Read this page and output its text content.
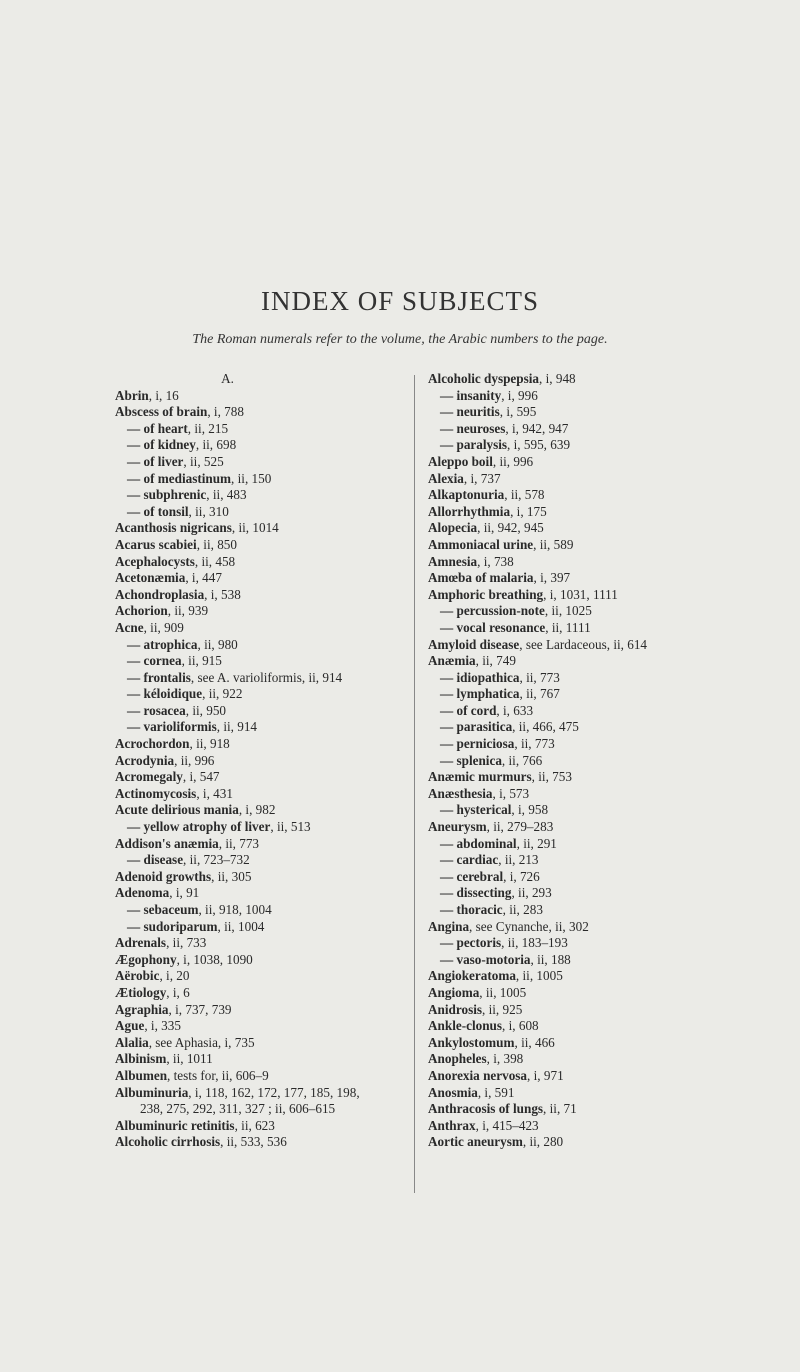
INDEX OF SUBJECTS
The Roman numerals refer to the volume, the Arabic numbers to the page.
A.
Abrin, i, 16
Abscess of brain, i, 788
— of heart, ii, 215
— of kidney, ii, 698
— of liver, ii, 525
— of mediastinum, ii, 150
— subphrenic, ii, 483
— of tonsil, ii, 310
Acanthosis nigricans, ii, 1014
Acarus scabiei, ii, 850
Acephalocysts, ii, 458
Acetonæmia, i, 447
Achondroplasia, i, 538
Achorion, ii, 939
Acne, ii, 909
— atrophica, ii, 980
— cornea, ii, 915
— frontalis, see A. varioliformis, ii, 914
— kéloidique, ii, 922
— rosacea, ii, 950
— varioliformis, ii, 914
Acrochordon, ii, 918
Acrodynia, ii, 996
Acromegaly, i, 547
Actinomycosis, i, 431
Acute delirious mania, i, 982
— yellow atrophy of liver, ii, 513
Addison's anæmia, ii, 773
— disease, ii, 723–732
Adenoid growths, ii, 305
Adenoma, i, 91
— sebaceum, ii, 918, 1004
— sudoriparum, ii, 1004
Adrenals, ii, 733
Ægophony, i, 1038, 1090
Aërobic, i, 20
Ætiology, i, 6
Agraphia, i, 737, 739
Ague, i, 335
Alalia, see Aphasia, i, 735
Albinism, ii, 1011
Albumen, tests for, ii, 606–9
Albuminuria, i, 118, 162, 172, 177, 185, 198,
238, 275, 292, 311, 327 ; ii, 606–615
Albuminuric retinitis, ii, 623
Alcoholic cirrhosis, ii, 533, 536
Alcoholic dyspepsia, i, 948
— insanity, i, 996
— neuritis, i, 595
— neuroses, i, 942, 947
— paralysis, i, 595, 639
Aleppo boil, ii, 996
Alexia, i, 737
Alkaptonuria, ii, 578
Allorrhythmia, i, 175
Alopecia, ii, 942, 945
Ammoniacal urine, ii, 589
Amnesia, i, 738
Amœba of malaria, i, 397
Amphoric breathing, i, 1031, 1111
— percussion-note, ii, 1025
— vocal resonance, ii, 1111
Amyloid disease, see Lardaceous, ii, 614
Anæmia, ii, 749
— idiopathica, ii, 773
— lymphatica, ii, 767
— of cord, i, 633
— parasitica, ii, 466, 475
— perniciosa, ii, 773
— splenica, ii, 766
Anæmic murmurs, ii, 753
Anæsthesia, i, 573
— hysterical, i, 958
Aneurysm, ii, 279–283
— abdominal, ii, 291
— cardiac, ii, 213
— cerebral, i, 726
— dissecting, ii, 293
— thoracic, ii, 283
Angina, see Cynanche, ii, 302
— pectoris, ii, 183–193
— vaso-motoria, ii, 188
Angiokeratoma, ii, 1005
Angioma, ii, 1005
Anidrosis, ii, 925
Ankle-clonus, i, 608
Ankylostomum, ii, 466
Anopheles, i, 398
Anorexia nervosa, i, 971
Anosmia, i, 591
Anthracosis of lungs, ii, 71
Anthrax, i, 415–423
Aortic aneurysm, ii, 280
